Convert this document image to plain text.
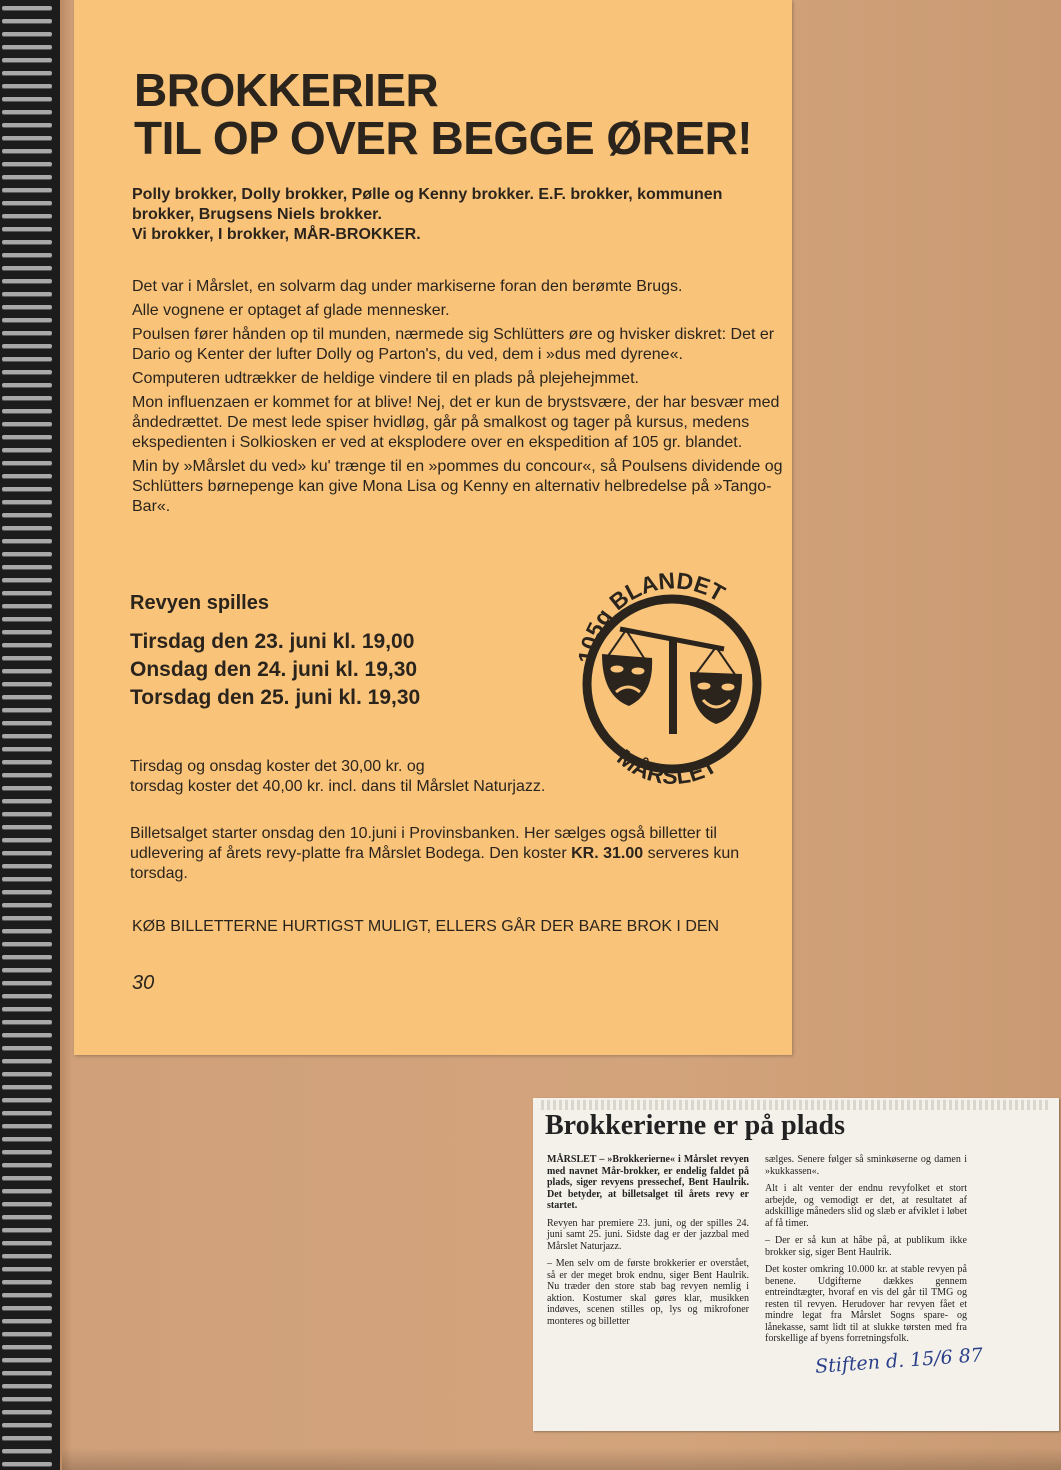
BROKKERIER
TIL OP OVER BEGGE ØRER!
Polly brokker, Dolly brokker, Pølle og Kenny brokker. E.F. brokker, kommunen brokker, Brugsens Niels brokker.
Vi brokker, I brokker, MÅR-BROKKER.

Det var i Mårslet, en solvarm dag under markiserne foran den berømte Brugs.

Alle vognene er optaget af glade mennesker.

Poulsen fører hånden op til munden, nærmede sig Schlütters øre og hvisker diskret: Det er Dario og Kenter der lufter Dolly og Parton's, du ved, dem i »dus med dyrene«.

Computeren udtrækker de heldige vindere til en plads på plejehejmmet.

Mon influenzaen er kommet for at blive! Nej, det er kun de brystsvære, der har besvær med åndedrættet. De mest lede spiser hvidløg, går på smalkost og tager på kursus, medens ekspedienten i Solkiosken er ved at eksplodere over en ekspedition af 105 gr. blandet.

Min by »Mårslet du ved» ku' trænge til en »pommes du concour«, så Poulsens dividende og Schlütters børnepenge kan give Mona Lisa og Kenny en alternativ helbredelse på »Tango-Bar«.

Revyen spilles
Tirsdag den 23. juni kl. 19,00
Onsdag den 24. juni kl. 19,30
Torsdag den 25. juni kl. 19,30
105g BLANDET
MÅRSLET
Tirsdag og onsdag koster det 30,00 kr. og
torsdag koster det 40,00 kr. incl. dans til Mårslet Naturjazz.
Billetsalget starter onsdag den 10.juni i Provinsbanken. Her sælges også billetter til udlevering af årets revy-platte fra Mårslet Bodega. Den koster KR. 31.00 serveres kun torsdag.
KØB BILLETTERNE HURTIGST MULIGT, ELLERS GÅR DER BARE BROK I DEN
30
Brokkerierne er på plads

MÅRSLET – »Brokkerierne« i Mårslet revyen med navnet Mår-brokker, er endelig faldet på plads, siger revyens pressechef, Bent Haulrik. Det betyder, at billetsalget til årets revy er startet.

Revyen har premiere 23. juni, og der spilles 24. juni samt 25. juni. Sidste dag er der jazzbal med Mårslet Naturjazz.

– Men selv om de første brokkerier er overstået, så er der meget brok endnu, siger Bent Haulrik. Nu træder den store stab bag revyen nemlig i aktion. Kostumer skal gøres klar, musikken indøves, scenen stilles op, lys og mikrofoner monteres og billetter

sælges. Senere følger så sminkøserne og damen i »kukkassen«.

Alt i alt venter der endnu revyfolket et stort arbejde, og vemodigt er det, at resultatet af adskillige måneders slid og slæb er afviklet i løbet af få timer.

– Der er så kun at håbe på, at publikum ikke brokker sig, siger Bent Haulrik.

Det koster omkring 10.000 kr. at stable revyen på benene. Udgifterne dækkes gennem entreindtægter, hvoraf en vis del går til TMG og resten til revyen. Herudover har revyen fået et mindre legat fra Mårslet Sogns spare- og lånekasse, samt lidt til at slukke tørsten med fra forskellige af byens forretningsfolk.

Stiften d. 15/6 87
